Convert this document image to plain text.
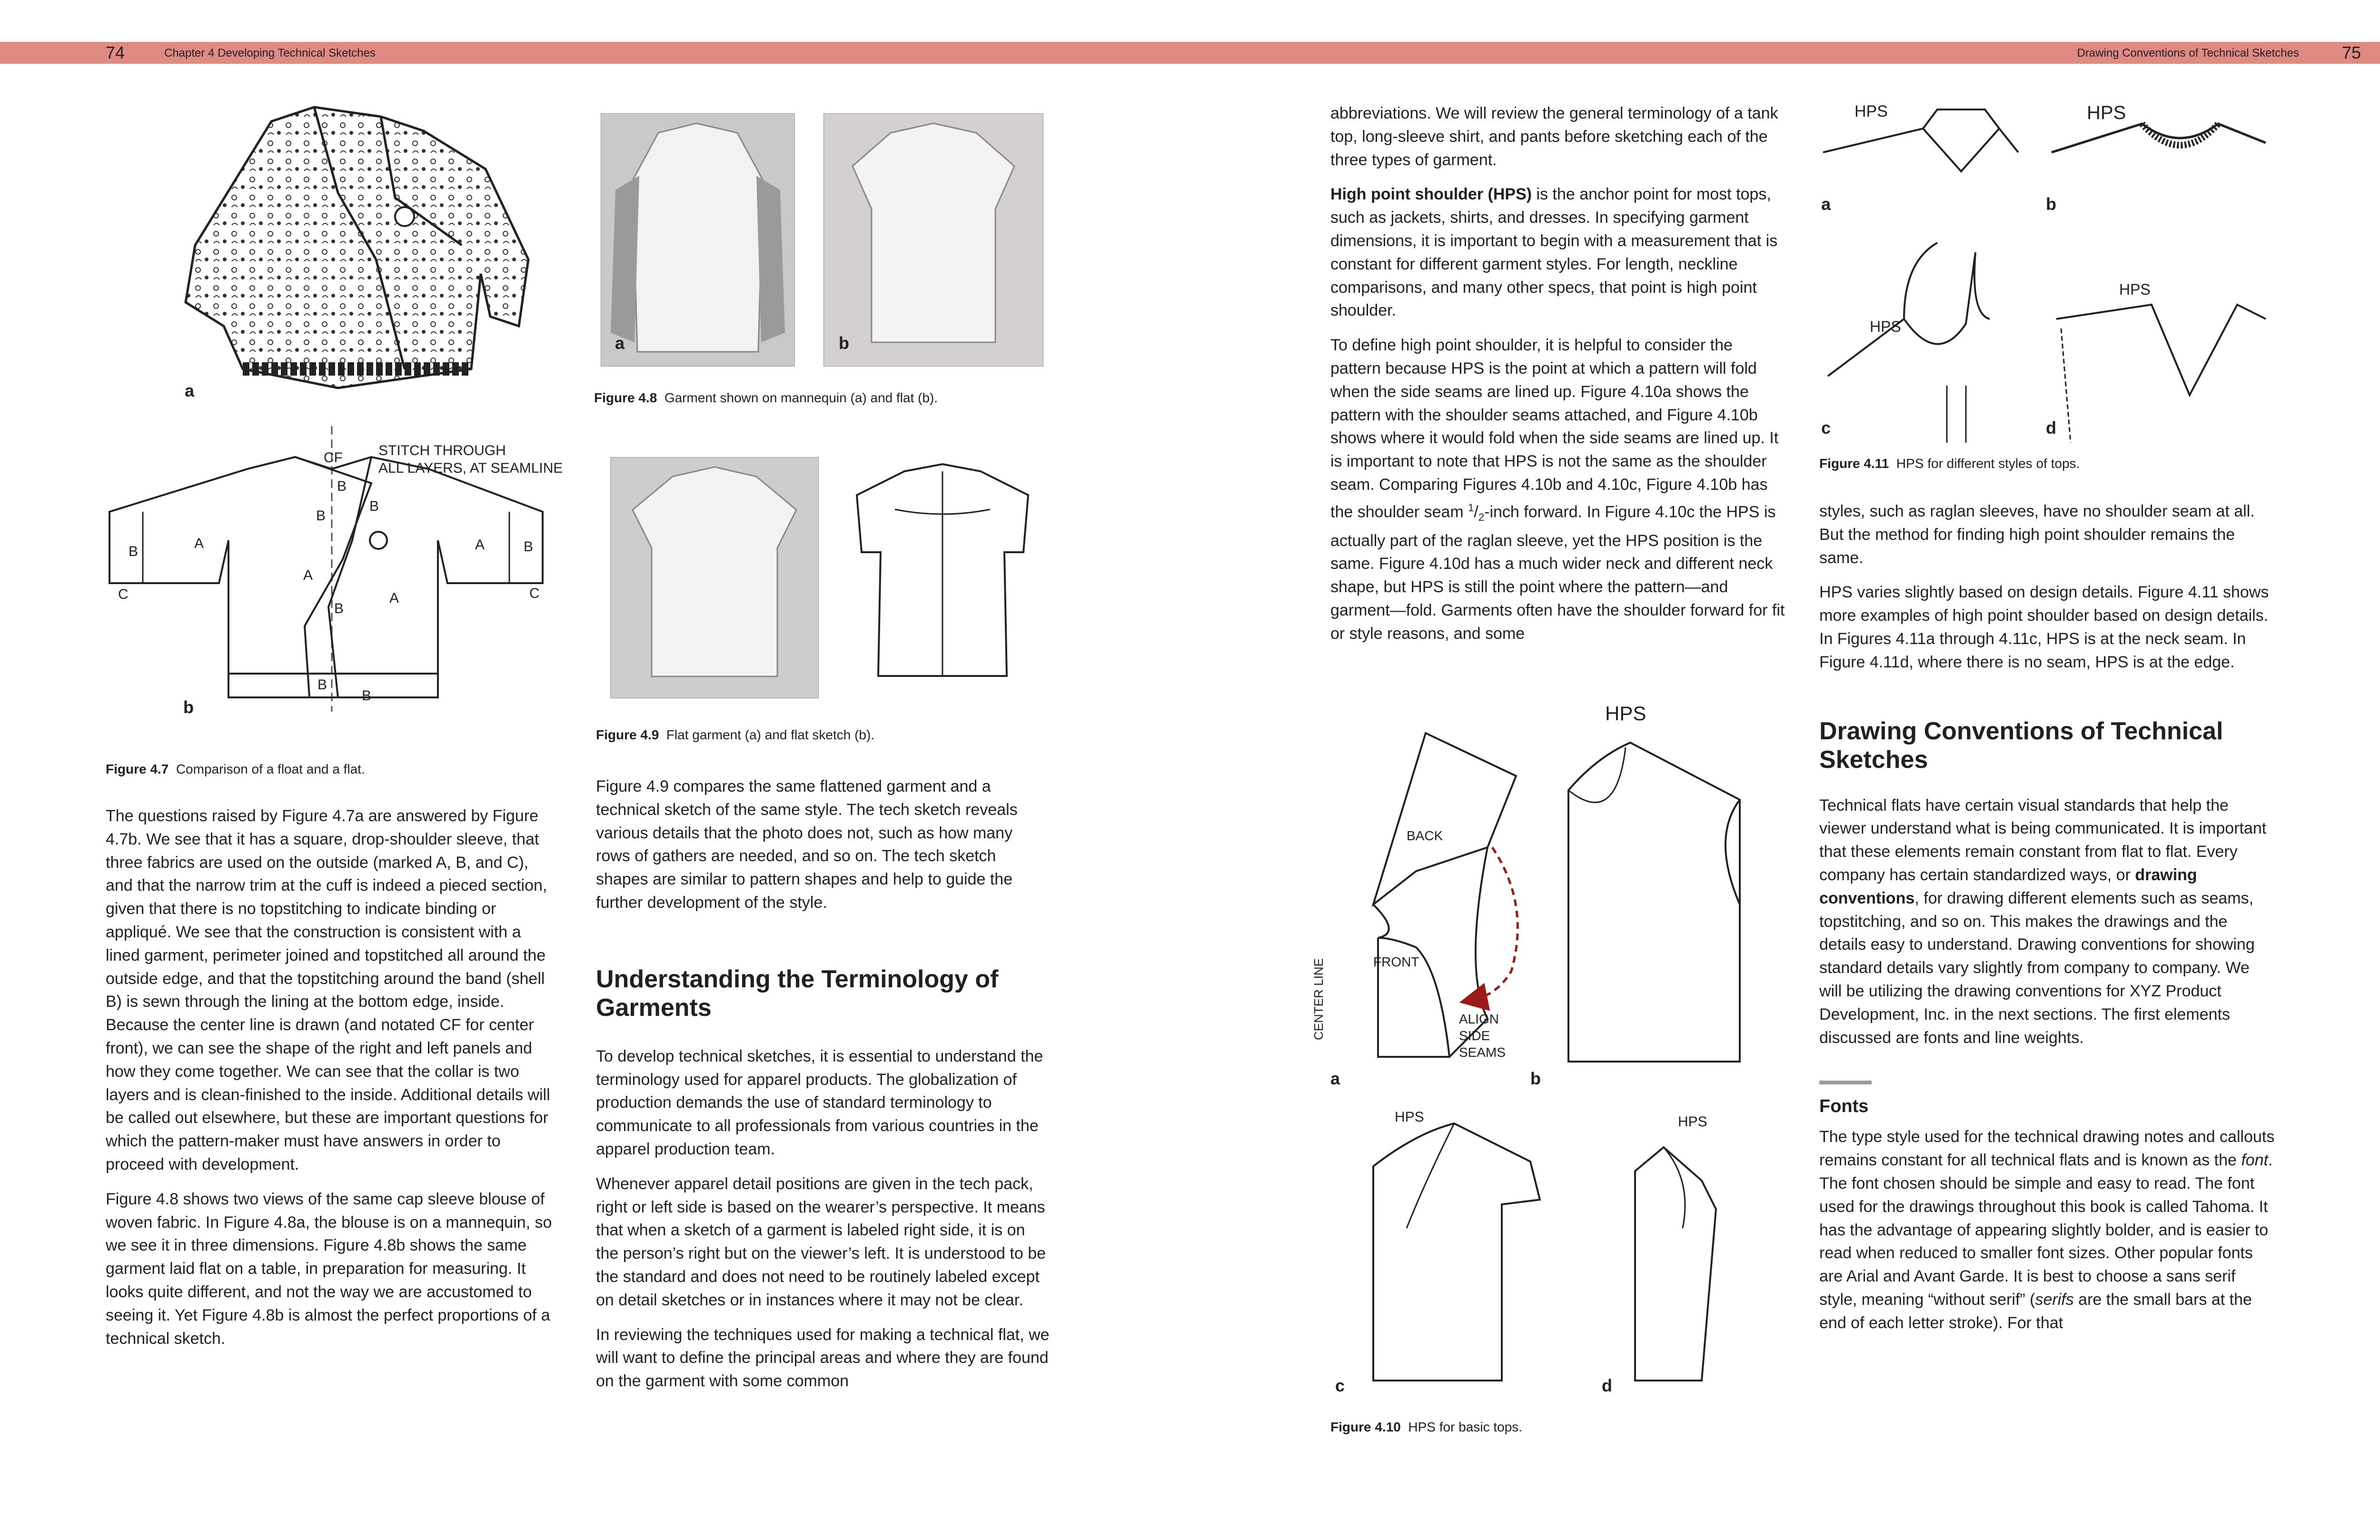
74	Chapter 4 Developing Technical Sketches	Drawing Conventions of Technical Sketches 75
a
CF	STITCH THROUGH
ALL LAYERS, AT SEAMLINE
A	A
A
A
B	B
B
B
B
B
B
B
C	C
b
Figure 4.7 Comparison of a float and a flat.
a	b
Figure 4.8 Garment shown on mannequin (a) and flat (b).
Figure 4.9 Flat garment (a) and flat sketch (b).

The questions raised by Figure 4.7a are answered by Figure 4.7b. We see that it has a square, drop-shoulder sleeve, that three fabrics are used on the outside (marked A, B, and C), and that the narrow trim at the cuff is indeed a pieced section, given that there is no topstitching to indicate binding or appliqué. We see that the construction is consistent with a lined garment, perimeter joined and topstitched all around the outside edge, and that the topstitching around the band (shell B) is sewn through the lining at the bottom edge, inside. Because the center line is drawn (and notated CF for center front), we can see the shape of the right and left panels and how they come together. We can see that the collar is two layers and is clean-finished to the inside. Additional details will be called out elsewhere, but these are important questions for which the pattern-maker must have answers in order to proceed with development.

Figure 4.8 shows two views of the same cap sleeve blouse of woven fabric. In Figure 4.8a, the blouse is on a mannequin, so we see it in three dimensions. Figure 4.8b shows the same garment laid flat on a table, in preparation for measuring. It looks quite different, and not the way we are accustomed to seeing it. Yet Figure 4.8b is almost the perfect proportions of a technical sketch.

Figure 4.9 compares the same flattened garment and a technical sketch of the same style. The tech sketch reveals various details that the photo does not, such as how many rows of gathers are needed, and so on. The tech sketch shapes are similar to pattern shapes and help to guide the further development of the style.

Understanding the Terminology of Garments

To develop technical sketches, it is essential to understand the terminology used for apparel products. The globalization of production demands the use of standard terminology to communicate to all professionals from various countries in the apparel production team.

Whenever apparel detail positions are given in the tech pack, right or left side is based on the wearer’s perspective. It means that when a sketch of a garment is labeled right side, it is on the person’s right but on the viewer’s left. It is understood to be the standard and does not need to be routinely labeled except on detail sketches or in instances where it may not be clear.

In reviewing the techniques used for making a technical flat, we will want to define the principal areas and where they are found on the garment with some common

abbreviations. We will review the general terminology of a tank top, long-sleeve shirt, and pants before sketching each of the three types of garment.

High point shoulder (HPS) is the anchor point for most tops, such as jackets, shirts, and dresses. In specifying garment dimensions, it is important to begin with a measurement that is constant for different garment styles. For length, neckline comparisons, and many other specs, that point is high point shoulder.

To define high point shoulder, it is helpful to consider the pattern because HPS is the point at which a pattern will fold when the side seams are lined up. Figure 4.10a shows the pattern with the shoulder seams attached, and Figure 4.10b shows where it would fold when the side seams are lined up. It is important to note that HPS is not the same as the shoulder seam. Comparing Figures 4.10b and 4.10c, Figure 4.10b has the shoulder seam $^1/_2$-inch forward. In Figure 4.10c the HPS is actually part of the raglan sleeve, yet the HPS position is the same. Figure 4.10d has a much wider neck and different neck shape, but HPS is still the point where the pattern—and garment—fold. Garments often have the shoulder forward for fit or style reasons, and some

HPS
BACK
FRONT
CENTER LINE	ALIGN
SIDE
SEAMS
a	b
HPS	HPS
c	d
Figure 4.10 HPS for basic tops.
HPS	HPS
HPS
HPS
a	b
c	d
Figure 4.11 HPS for different styles of tops.

styles, such as raglan sleeves, have no shoulder seam at all. But the method for finding high point shoulder remains the same.

HPS varies slightly based on design details. Figure 4.11 shows more examples of high point shoulder based on design details. In Figures 4.11a through 4.11c, HPS is at the neck seam. In Figure 4.11d, where there is no seam, HPS is at the edge.

Drawing Conventions of Technical Sketches

Technical flats have certain visual standards that help the viewer understand what is being communicated. It is important that these elements remain constant from flat to flat. Every company has certain standardized ways, or drawing conventions, for drawing different elements such as seams, topstitching, and so on. This makes the drawings and the details easy to understand. Drawing conventions for showing standard details vary slightly from company to company. We will be utilizing the drawing conventions for XYZ Product Development, Inc. in the next sections. The first elements discussed are fonts and line weights.

Fonts

The type style used for the technical drawing notes and callouts remains constant for all technical flats and is known as the font. The font chosen should be simple and easy to read. The font used for the drawings throughout this book is called Tahoma. It has the advantage of appearing slightly bolder, and is easier to read when reduced to smaller font sizes. Other popular fonts are Arial and Avant Garde. It is best to choose a sans serif style, meaning “without serif” (serifs are the small bars at the end of each letter stroke). For that
